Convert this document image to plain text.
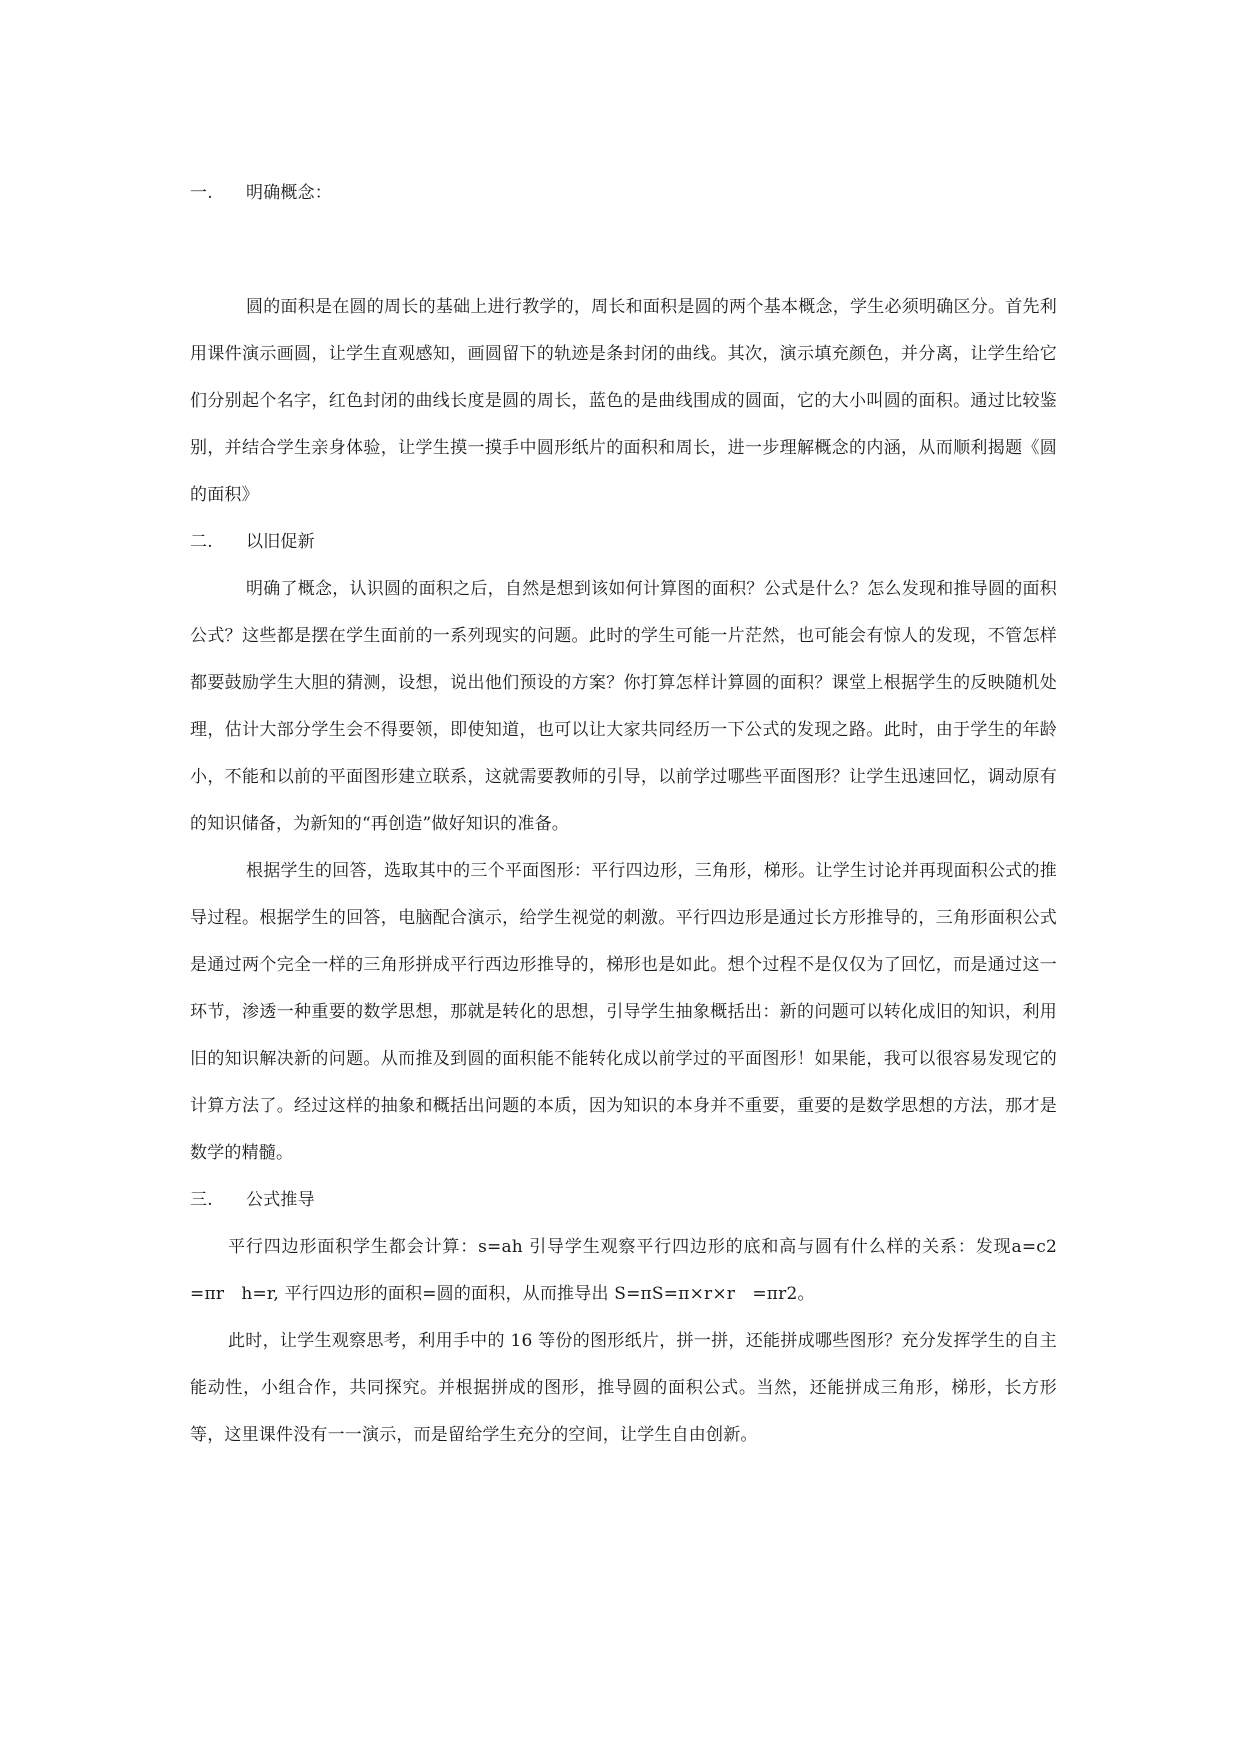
一. 明确概念：

圆的面积是在圆的周长的基础上进行教学的，周长和面积是圆的两个基本概念，学生必须明确区分。首先利用课件演示画圆，让学生直观感知，画圆留下的轨迹是条封闭的曲线。其次，演示填充颜色，并分离，让学生给它们分别起个名字，红色封闭的曲线长度是圆的周长，蓝色的是曲线围成的圆面，它的大小叫圆的面积。通过比较鉴别，并结合学生亲身体验，让学生摸一摸手中圆形纸片的面积和周长，进一步理解概念的内涵，从而顺利揭题《圆的面积》

二. 以旧促新

明确了概念，认识圆的面积之后，自然是想到该如何计算图的面积？公式是什么？怎么发现和推导圆的面积公式？这些都是摆在学生面前的一系列现实的问题。此时的学生可能一片茫然，也可能会有惊人的发现，不管怎样都要鼓励学生大胆的猜测，设想，说出他们预设的方案？你打算怎样计算圆的面积？课堂上根据学生的反映随机处理，估计大部分学生会不得要领，即使知道，也可以让大家共同经历一下公式的发现之路。此时，由于学生的年龄小，不能和以前的平面图形建立联系，这就需要教师的引导，以前学过哪些平面图形？让学生迅速回忆，调动原有的知识储备，为新知的“再创造”做好知识的准备。

根据学生的回答，选取其中的三个平面图形：平行四边形，三角形，梯形。让学生讨论并再现面积公式的推导过程。根据学生的回答，电脑配合演示，给学生视觉的刺激。平行四边形是通过长方形推导的，三角形面积公式是通过两个完全一样的三角形拼成平行西边形推导的，梯形也是如此。想个过程不是仅仅为了回忆，而是通过这一环节，渗透一种重要的数学思想，那就是转化的思想，引导学生抽象概括出：新的问题可以转化成旧的知识，利用旧的知识解决新的问题。从而推及到圆的面积能不能转化成以前学过的平面图形！如果能，我可以很容易发现它的计算方法了。经过这样的抽象和概括出问题的本质，因为知识的本身并不重要，重要的是数学思想的方法，那才是数学的精髓。

三. 公式推导

平行四边形面积学生都会计算：s=ah 引导学生观察平行四边形的底和高与圆有什么样的关系：发现a=c2　=πr　h=r, 平行四边形的面积=圆的面积，从而推导出 S=πS=π×r×r　=πr2。

此时，让学生观察思考，利用手中的 16 等份的图形纸片，拼一拼，还能拼成哪些图形？充分发挥学生的自主能动性，小组合作，共同探究。并根据拼成的图形，推导圆的面积公式。当然，还能拼成三角形，梯形，长方形等，这里课件没有一一演示，而是留给学生充分的空间，让学生自由创新。
